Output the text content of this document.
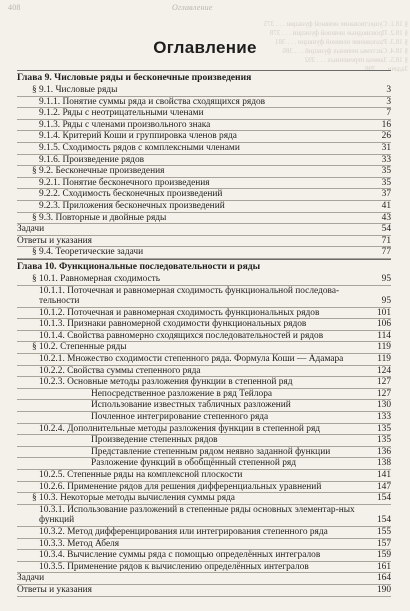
408	Оглавление
§ 18.1. Существование неявной функции . . . 375
§ 18.2. Производные неявной функции . . . 378
§ 18.3. Разложение неявной функции . . . 381
§ 18.4. Системы неявных функций . . . 386
§ 18.5. Замена переменных . . . 392
Задачи . . . 398
Оглавление
Глава 9. Числовые ряды и бесконечные произведения
§ 9.1. Числовые ряды	3
9.1.1. Понятие суммы ряда и свойства сходящихся рядов	3
9.1.2. Ряды с неотрицательными членами	7
9.1.3. Ряды с членами произвольного знака	16
9.1.4. Критерий Коши и группировка членов ряда	26
9.1.5. Сходимость рядов с комплексными членами	31
9.1.6. Произведение рядов	33
§ 9.2. Бесконечные произведения	35
9.2.1. Понятие бесконечного произведения	35
9.2.2. Сходимость бесконечных произведений	37
9.2.3. Приложения бесконечных произведений	41
§ 9.3. Повторные и двойные ряды	43
Задачи	54
Ответы и указания	71
§ 9.4. Теоретические задачи	77
Глава 10. Функциональные последовательности и ряды
§ 10.1. Равномерная сходимость	95
10.1.1. Поточечная и равномерная сходимость функциональной последова-тельности	95
10.1.2. Поточечная и равномерная сходимость функциональных рядов	101
10.1.3. Признаки равномерной сходимости функциональных рядов	106
10.1.4. Свойства равномерно сходящихся последовательностей и рядов	114
§ 10.2. Степенные ряды	119
10.2.1. Множество сходимости степенного ряда. Формула Коши — Адамара	119
10.2.2. Свойства суммы степенного ряда	124
10.2.3. Основные методы разложения функции в степенной ряд	127
Непосредственное разложение в ряд Тейлора	127
Использование известных табличных разложений	130
Почленное интегрирование степенного ряда	133
10.2.4. Дополнительные методы разложения функции в степенной ряд	135
Произведение степенных рядов	135
Представление степенным рядом неявно заданной функции	136
Разложение функций в обобщённый степенной ряд	138
10.2.5. Степенные ряды на комплексной плоскости	141
10.2.6. Применение рядов для решения дифференциальных уравнений	147
§ 10.3. Некоторые методы вычисления суммы ряда	154
10.3.1. Использование разложений в степенные ряды основных элементар-ных функций	154
10.3.2. Метод дифференцирования или интегрирования степенного ряда	155
10.3.3. Метод Абеля	157
10.3.4. Вычисление суммы ряда с помощью определённых интегралов	159
10.3.5. Применение рядов к вычислению определённых интегралов	161
Задачи	164
Ответы и указания	190
